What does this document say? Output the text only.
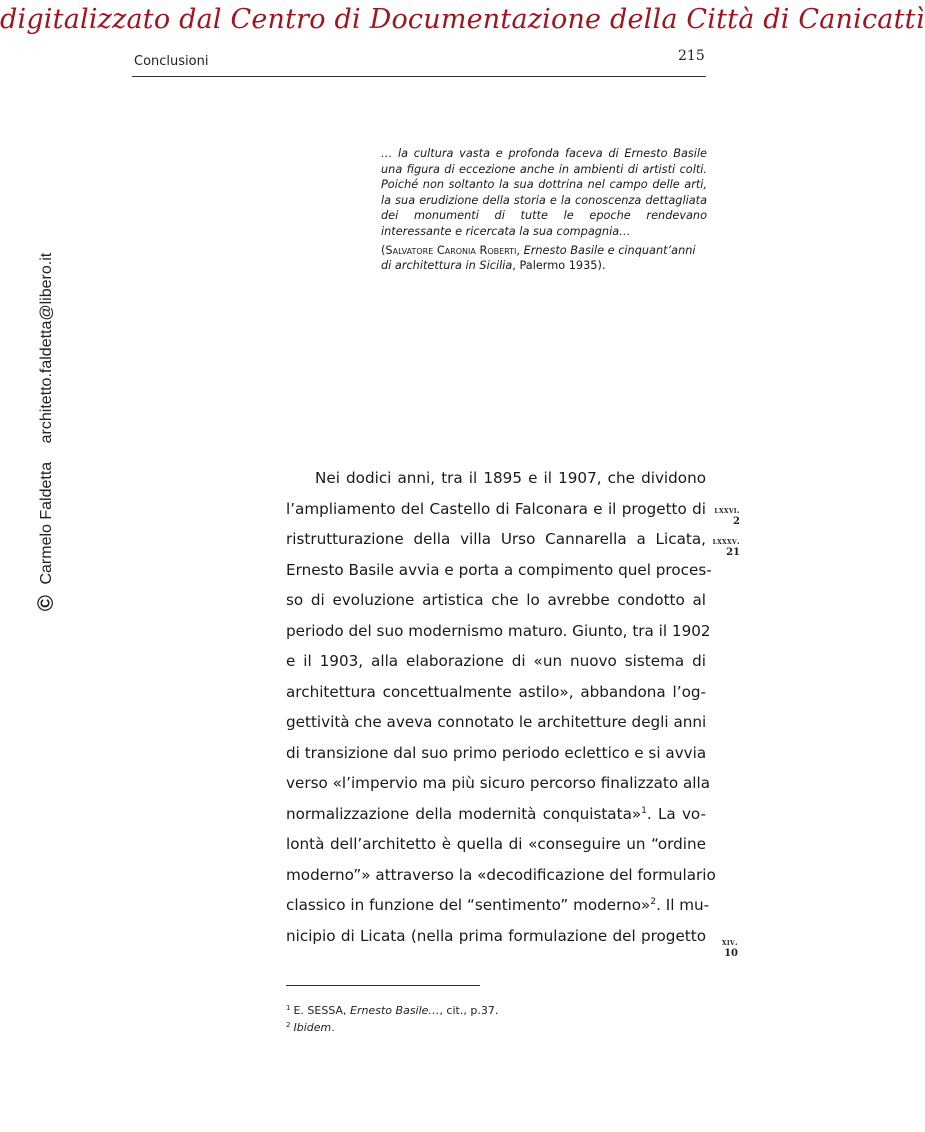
digitalizzato dal Centro di Documentazione della Città di Canicattì
© Carmelo Faldetta architetto.faldetta@libero.it
Conclusioni	215
… la cultura vasta e profonda faceva di Ernesto Basile una figura di eccezione anche in ambienti di artisti colti. Poiché non soltanto la sua dottrina nel campo delle arti, la sua erudizione della storia e la conoscenza dettagliata dei monumenti di tutte le epoche rendevano interessante e ricercata la sua compagnia…
(Salvatore Caronia Roberti, Ernesto Basile e cinquant’anni di architettura in Sicilia, Palermo 1935).
Nei dodici anni, tra il 1895 e il 1907, che dividono
l’ampliamento del Castello di Falconara e il progetto di
ristrutturazione della villa Urso Cannarella a Licata,
Ernesto Basile avvia e porta a compimento quel proces-
so di evoluzione artistica che lo avrebbe condotto al
periodo del suo modernismo maturo. Giunto, tra il 1902
e il 1903, alla elaborazione di «un nuovo sistema di
architettura concettualmente astilo», abbandona l’og-
gettività che aveva connotato le architetture degli anni
di transizione dal suo primo periodo eclettico e si avvia
verso «l’impervio ma più sicuro percorso finalizzato alla
normalizzazione della modernità conquistata»$^1$. La vo-
lontà dell’architetto è quella di «conseguire un “ordine
moderno”» attraverso la «decodificazione del formulario
classico in funzione del “sentimento” moderno»$^2$. Il mu-
nicipio di Licata (nella prima formulazione del progetto
lxxvi.
2
lxxxv.
21
xiv.
10
$^1$ E. SESSA, Ernesto Basile…, cit., p.37.
$^2$ Ibidem.
